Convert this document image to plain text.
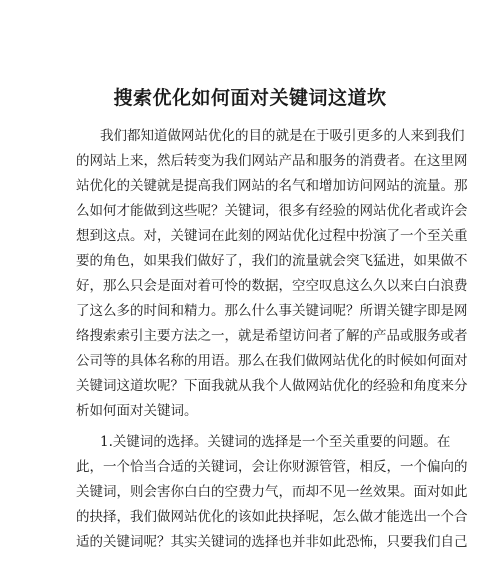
搜索优化如何面对关键词这道坎
我们都知道做网站优化的目的就是在于吸引更多的人来到我们
的网站上来，然后转变为我们网站产品和服务的消费者。在这里网
站优化的关键就是提高我们网站的名气和增加访问网站的流量。那
么如何才能做到这些呢？关键词，很多有经验的网站优化者或许会
想到这点。对，关键词在此刻的网站优化过程中扮演了一个至关重
要的角色，如果我们做好了，我们的流量就会突飞猛进，如果做不
好，那么只会是面对着可怜的数据，空空叹息这么久以来白白浪费
了这么多的时间和精力。那么什么事关键词呢？所谓关键字即是网
络搜索索引主要方法之一，就是希望访问者了解的产品或服务或者
公司等的具体名称的用语。那么在我们做网站优化的时候如何面对
关键词这道坎呢？下面我就从我个人做网站优化的经验和角度来分
析如何面对关键词。
1.关键词的选择。关键词的选择是一个至关重要的问题。在
此，一个恰当合适的关键词，会让你财源管管，相反，一个偏向的
关键词，则会害你白白的空费力气，而却不见一丝效果。面对如此
的抉择，我们做网站优化的该如此抉择呢，怎么做才能选出一个合
适的关键词呢？其实关键词的选择也并非如此恐怖，只要我们自己
